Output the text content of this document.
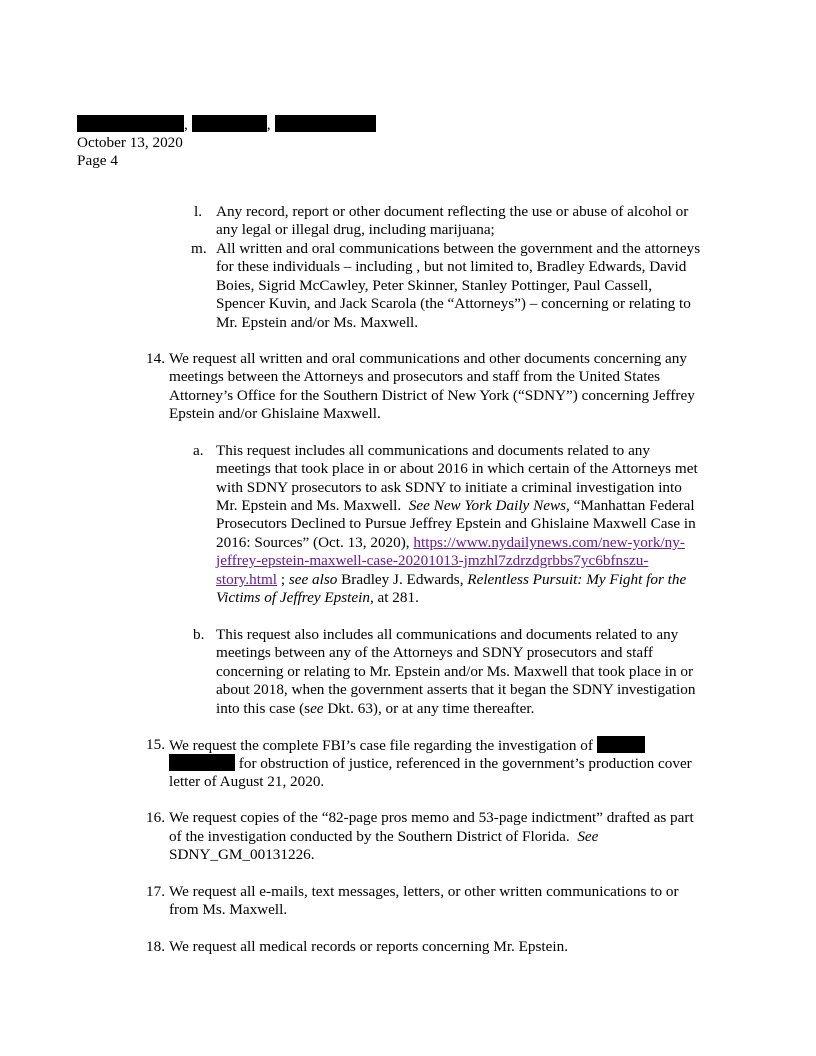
,	,
October 13, 2020
Page 4
l. Any record, report or other document reflecting the use or abuse of alcohol or
any legal or illegal drug, including marijuana;
m. All written and oral communications between the government and the attorneys
for these individuals – including , but not limited to, Bradley Edwards, David
Boies, Sigrid McCawley, Peter Skinner, Stanley Pottinger, Paul Cassell,
Spencer Kuvin, and Jack Scarola (the “Attorneys”) – concerning or relating to
Mr. Epstein and/or Ms. Maxwell.
14. We request all written and oral communications and other documents concerning any
meetings between the Attorneys and prosecutors and staff from the United States
Attorney’s Office for the Southern District of New York (“SDNY”) concerning Jeffrey
Epstein and/or Ghislaine Maxwell.
a. This request includes all communications and documents related to any
meetings that took place in or about 2016 in which certain of the Attorneys met
with SDNY prosecutors to ask SDNY to initiate a criminal investigation into
Mr. Epstein and Ms. Maxwell. See New York Daily News, “Manhattan Federal
Prosecutors Declined to Pursue Jeffrey Epstein and Ghislaine Maxwell Case in
2016: Sources” (Oct. 13, 2020), https://www.nydailynews.com/new-york/ny-
jeffrey-epstein-maxwell-case-20201013-jmzhl7zdrzdgrbbs7yc6bfnszu-
story.html ; see also Bradley J. Edwards, Relentless Pursuit: My Fight for the
Victims of Jeffrey Epstein, at 281.
b. This request also includes all communications and documents related to any
meetings between any of the Attorneys and SDNY prosecutors and staff
concerning or relating to Mr. Epstein and/or Ms. Maxwell that took place in or
about 2018, when the government asserts that it began the SDNY investigation
into this case (see Dkt. 63), or at any time thereafter.
15. We request the complete FBI’s case file regarding the investigation of
for obstruction of justice, referenced in the government’s production cover
letter of August 21, 2020.
16. We request copies of the “82-page pros memo and 53-page indictment” drafted as part
of the investigation conducted by the Southern District of Florida. See
SDNY_GM_00131226.
17. We request all e-mails, text messages, letters, or other written communications to or
from Ms. Maxwell.
18. We request all medical records or reports concerning Mr. Epstein.
